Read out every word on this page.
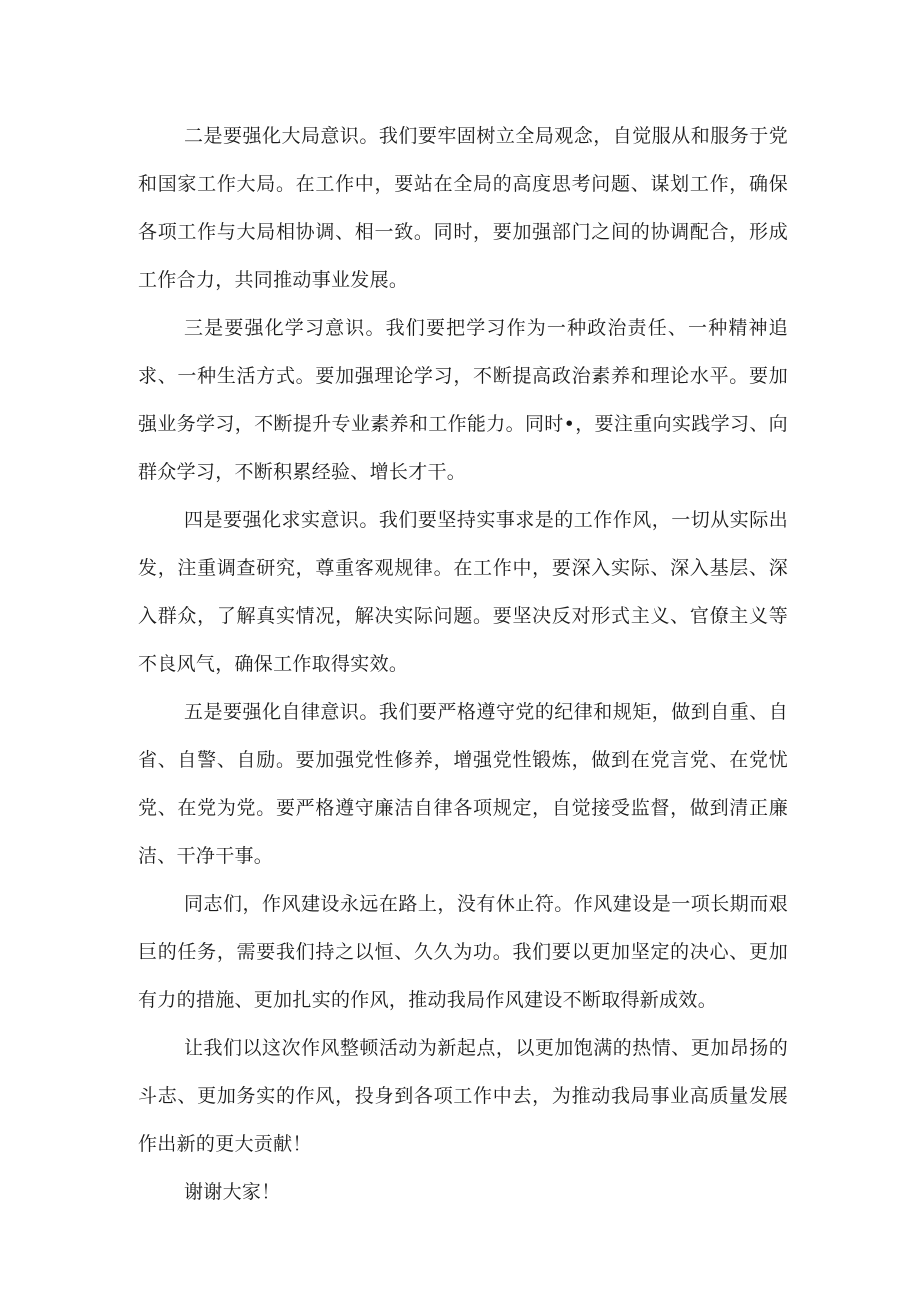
二是要强化大局意识。我们要牢固树立全局观念，自觉服从和服务于党和国家工作大局。在工作中，要站在全局的高度思考问题、谋划工作，确保各项工作与大局相协调、相一致。同时，要加强部门之间的协调配合，形成工作合力，共同推动事业发展。

三是要强化学习意识。我们要把学习作为一种政治责任、一种精神追求、一种生活方式。要加强理论学习，不断提高政治素养和理论水平。要加强业务学习，不断提升专业素养和工作能力。同时•，要注重向实践学习、向群众学习，不断积累经验、增长才干。

四是要强化求实意识。我们要坚持实事求是的工作作风，一切从实际出发，注重调查研究，尊重客观规律。在工作中，要深入实际、深入基层、深入群众，了解真实情况，解决实际问题。要坚决反对形式主义、官僚主义等不良风气，确保工作取得实效。

五是要强化自律意识。我们要严格遵守党的纪律和规矩，做到自重、自省、自警、自励。要加强党性修养，增强党性锻炼，做到在党言党、在党忧党、在党为党。要严格遵守廉洁自律各项规定，自觉接受监督，做到清正廉洁、干净干事。

同志们，作风建设永远在路上，没有休止符。作风建设是一项长期而艰巨的任务，需要我们持之以恒、久久为功。我们要以更加坚定的决心、更加有力的措施、更加扎实的作风，推动我局作风建设不断取得新成效。

让我们以这次作风整顿活动为新起点，以更加饱满的热情、更加昂扬的斗志、更加务实的作风，投身到各项工作中去，为推动我局事业高质量发展作出新的更大贡献！

谢谢大家！
